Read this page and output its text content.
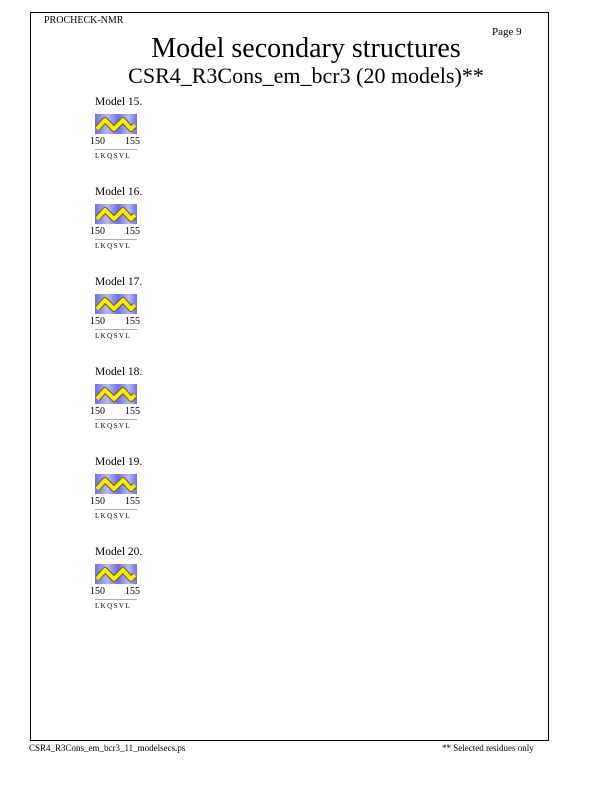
PROCHECK-NMR
Page 9
Model secondary structures
CSR4_R3Cons_em_bcr3 (20 models)**
Model 15.
150 155
LKQSVL
Model 16.
150 155
LKQSVL
Model 17.
150 155
LKQSVL
Model 18.
150 155
LKQSVL
Model 19.
150 155
LKQSVL
Model 20.
150 155
LKQSVL
CSR4_R3Cons_em_bcr3_11_modelsecs.ps	** Selected residues only
